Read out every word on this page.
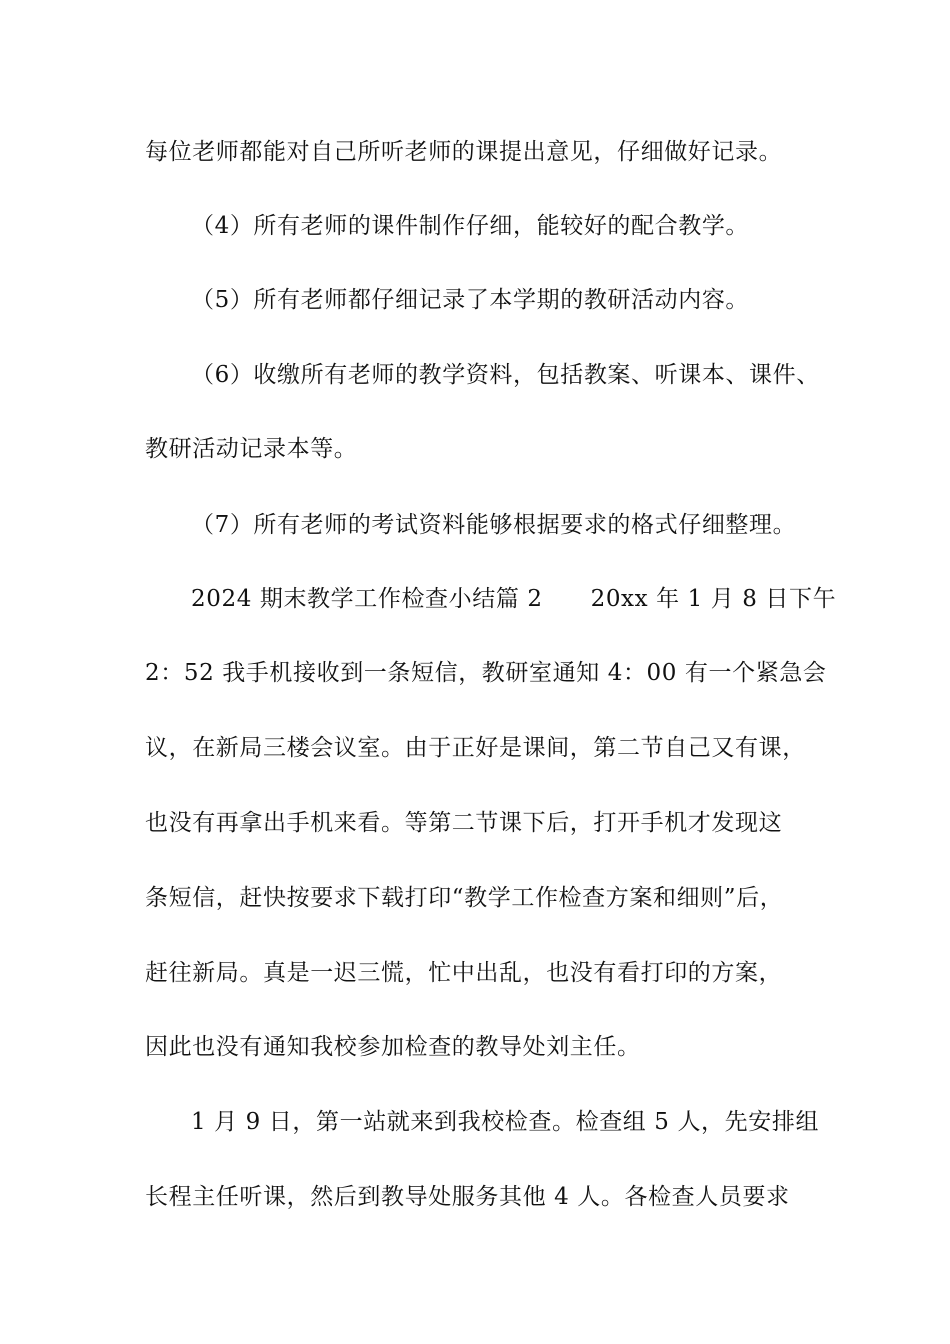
每位老师都能对自己所听老师的课提出意见，仔细做好记录。
（4）所有老师的课件制作仔细，能较好的配合教学。
（5）所有老师都仔细记录了本学期的教研活动内容。
（6）收缴所有老师的教学资料，包括教案、听课本、课件、
教研活动记录本等。
（7）所有老师的考试资料能够根据要求的格式仔细整理。
2024 期末教学工作检查小结篇 2 20xx 年 1 月 8 日下午
2：52 我手机接收到一条短信，教研室通知 4：00 有一个紧急会
议，在新局三楼会议室。由于正好是课间，第二节自己又有课，
也没有再拿出手机来看。等第二节课下后，打开手机才发现这
条短信，赶快按要求下载打印“教学工作检查方案和细则”后，
赶往新局。真是一迟三慌，忙中出乱，也没有看打印的方案，
因此也没有通知我校参加检查的教导处刘主任。
1 月 9 日，第一站就来到我校检查。检查组 5 人，先安排组
长程主任听课，然后到教导处服务其他 4 人。各检查人员要求
